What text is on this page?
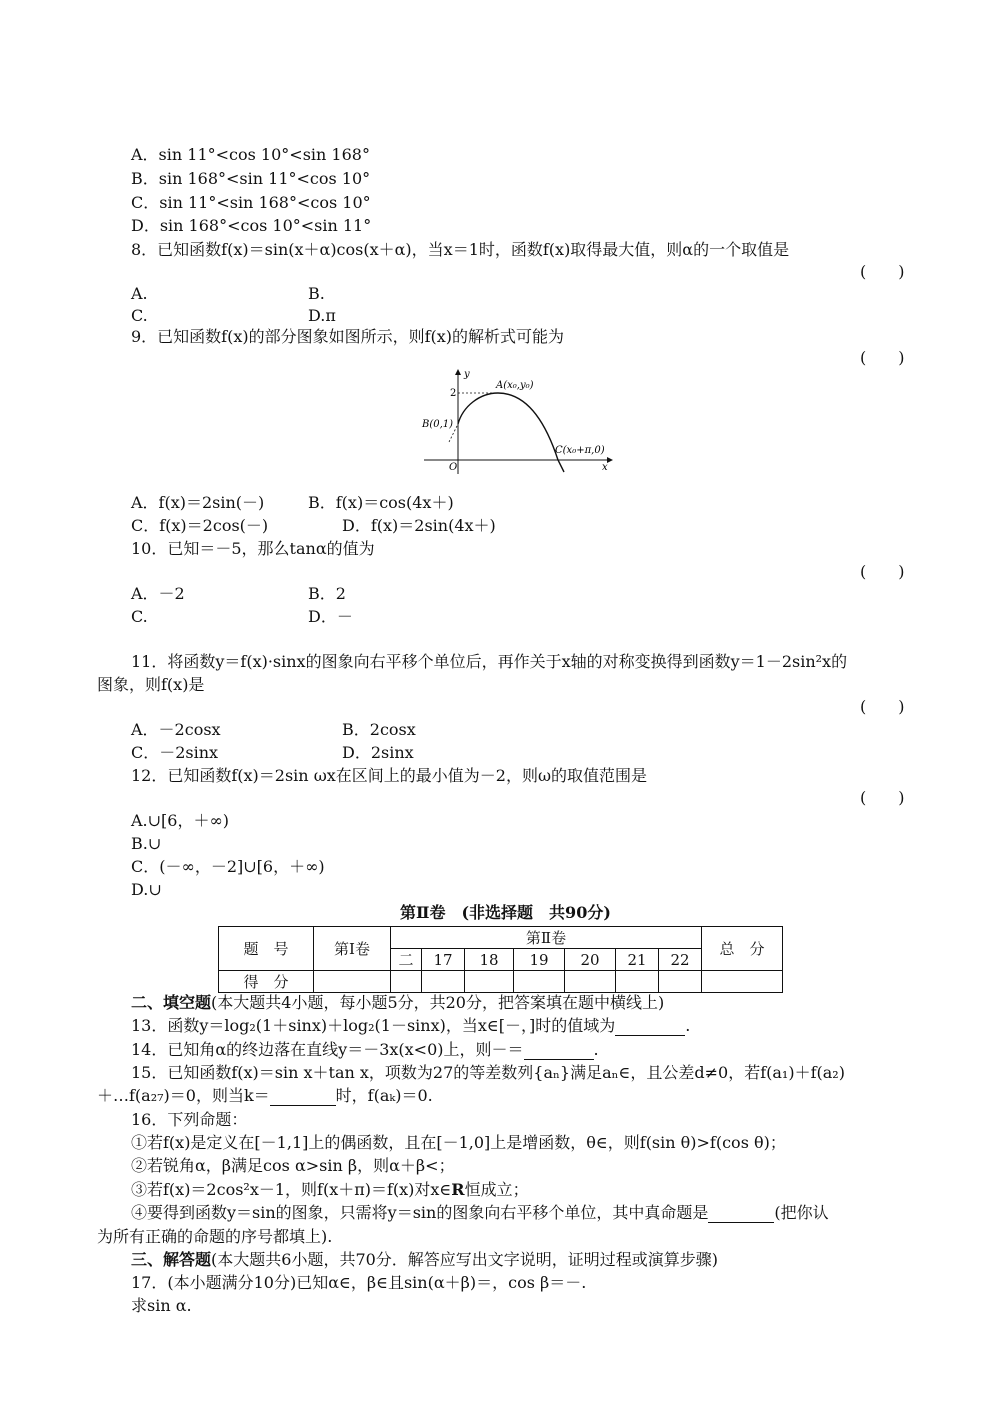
A．sin 11°<cos 10°<sin 168°
B．sin 168°<sin 11°<cos 10°
C．sin 11°<sin 168°<cos 10°
D．sin 168°<cos 10°<sin 11°
8．已知函数f(x)＝sin(x＋α)cos(x＋α)，当x＝1时，函数f(x)取得最大值，则α的一个取值是
(　　)
A.	B.
C.	D.π
9．已知函数f(x)的部分图象如图所示，则f(x)的解析式可能为
(　　)
y
x
O
2
A(x₀,y₀)
B(0,1)
C(x₀+π,0)
A．f(x)＝2sin(－)	B．f(x)＝cos(4x＋)
C．f(x)＝2cos(－)	D．f(x)＝2sin(4x＋)
10．已知＝－5，那么tanα的值为
(　　)
A．－2	B．2
C.	D．－
11．将函数y＝f(x)·sinx的图象向右平移个单位后，再作关于x轴的对称变换得到函数y＝1－2sin²x的
图象，则f(x)是
(　　)
A．－2cosx	B．2cosx
C．－2sinx	D．2sinx
12．已知函数f(x)＝2sin ωx在区间上的最小值为－2，则ω的取值范围是
(　　)
A.∪[6，＋∞)
B.∪
C．(－∞，－2]∪[6，＋∞)
D.∪
第Ⅱ卷　(非选择题　共90分)
题　号	第Ⅰ卷	第Ⅱ卷							总　分
		二	17	18	19	20	21	22	
得　分									
二、填空题(本大题共4小题，每小题5分，共20分，把答案填在题中横线上)
13．函数y＝log₂(1＋sinx)＋log₂(1－sinx)，当x∈[－，]时的值域为	.
14．已知角α的终边落在直线y＝－3x(x<0)上，则－＝	.
15．已知函数f(x)＝sin x＋tan x，项数为27的等差数列{aₙ}满足aₙ∈，且公差d≠0，若f(a₁)＋f(a₂)
＋…f(a₂₇)＝0，则当k＝	时，f(aₖ)＝0.
16．下列命题：
①若f(x)是定义在[－1,1]上的偶函数，且在[－1,0]上是增函数，θ∈，则f(sin θ)>f(cos θ)；
②若锐角α，β满足cos α>sin β，则α＋β<；
③若f(x)＝2cos²x－1，则f(x＋π)＝f(x)对x∈R恒成立；
④要得到函数y＝sin的图象，只需将y＝sin的图象向右平移个单位，其中真命题是	(把你认
为所有正确的命题的序号都填上).
三、解答题(本大题共6小题，共70分．解答应写出文字说明，证明过程或演算步骤)
17．(本小题满分10分)已知α∈，β∈且sin(α＋β)＝，cos β＝－.
求sin α.
